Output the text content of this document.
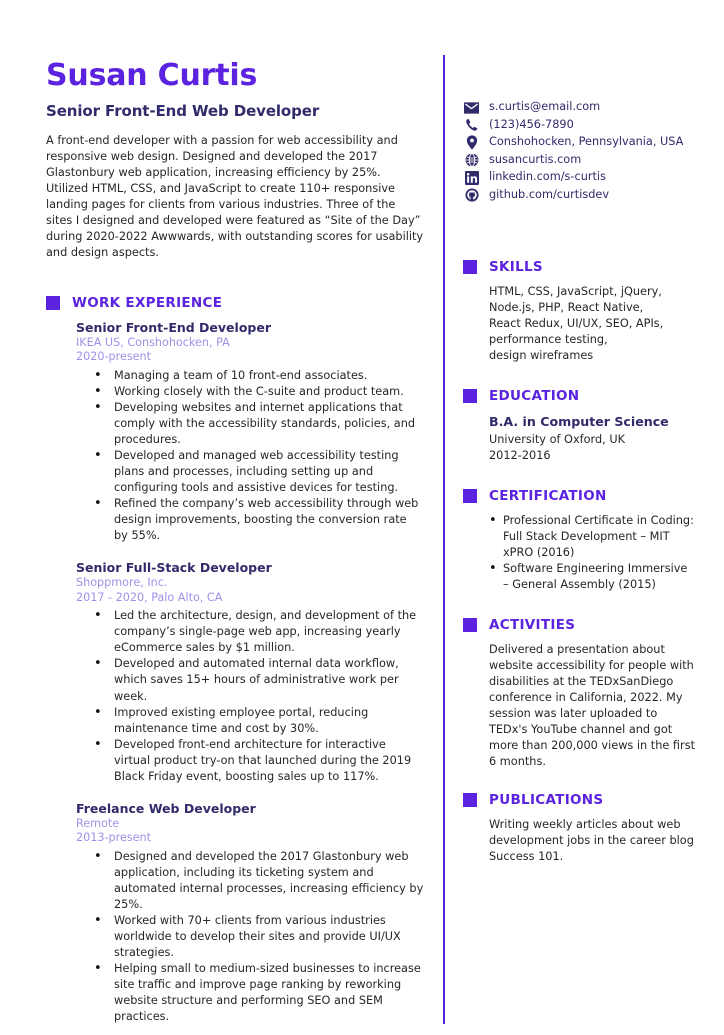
Susan Curtis
Senior Front-End Web Developer

A front-end developer with a passion for web accessibility and responsive web design. Designed and developed the 2017 Glastonbury web application, increasing efficiency by 25%. Utilized HTML, CSS, and JavaScript to create 110+ responsive landing pages for clients from various industries. Three of the sites I designed and developed were featured as “Site of the Day” during 2020-2022 Awwwards, with outstanding scores for usability and design aspects.

WORK EXPERIENCE
Senior Front-End Developer
IKEA US, Conshohocken, PA
2020-present
• Managing a team of 10 front-end associates.
• Working closely with the C-suite and product team.
• Developing websites and internet applications that comply with the accessibility standards, policies, and procedures.
• Developed and managed web accessibility testing plans and processes, including setting up and configuring tools and assistive devices for testing.
• Refined the company’s web accessibility through web design improvements, boosting the conversion rate by 55%.
Senior Full-Stack Developer
Shoppmore, Inc.
2017 - 2020, Palo Alto, CA
• Led the architecture, design, and development of the company’s single-page web app, increasing yearly eCommerce sales by $1 million.
• Developed and automated internal data workflow, which saves 15+ hours of administrative work per week.
• Improved existing employee portal, reducing maintenance time and cost by 30%.
• Developed front-end architecture for interactive virtual product try-on that launched during the 2019 Black Friday event, boosting sales up to 117%.
Freelance Web Developer
Remote
2013-present
• Designed and developed the 2017 Glastonbury web application, including its ticketing system and automated internal processes, increasing efficiency by 25%.
• Worked with 70+ clients from various industries worldwide to develop their sites and provide UI/UX strategies.
• Helping small to medium-sized businesses to increase site traffic and improve page ranking by reworking website structure and performing SEO and SEM practices.
s.curtis@email.com
(123)456-7890
Conshohocken, Pennsylvania, USA
susancurtis.com
linkedin.com/s-curtis
github.com/curtisdev
SKILLS
HTML, CSS, JavaScript, jQuery,
Node.js, PHP, React Native,
React Redux, UI/UX, SEO, APIs,
performance testing,
design wireframes
EDUCATION
B.A. in Computer Science
University of Oxford, UK
2012-2016
CERTIFICATION
• Professional Certificate in Coding: Full Stack Development – MIT xPRO (2016)
• Software Engineering Immersive – General Assembly (2015)
ACTIVITIES
Delivered a presentation about website accessibility for people with disabilities at the TEDxSanDiego conference in California, 2022. My session was later uploaded to TEDx's YouTube channel and got more than 200,000 views in the first 6 months.
PUBLICATIONS
Writing weekly articles about web development jobs in the career blog Success 101.
